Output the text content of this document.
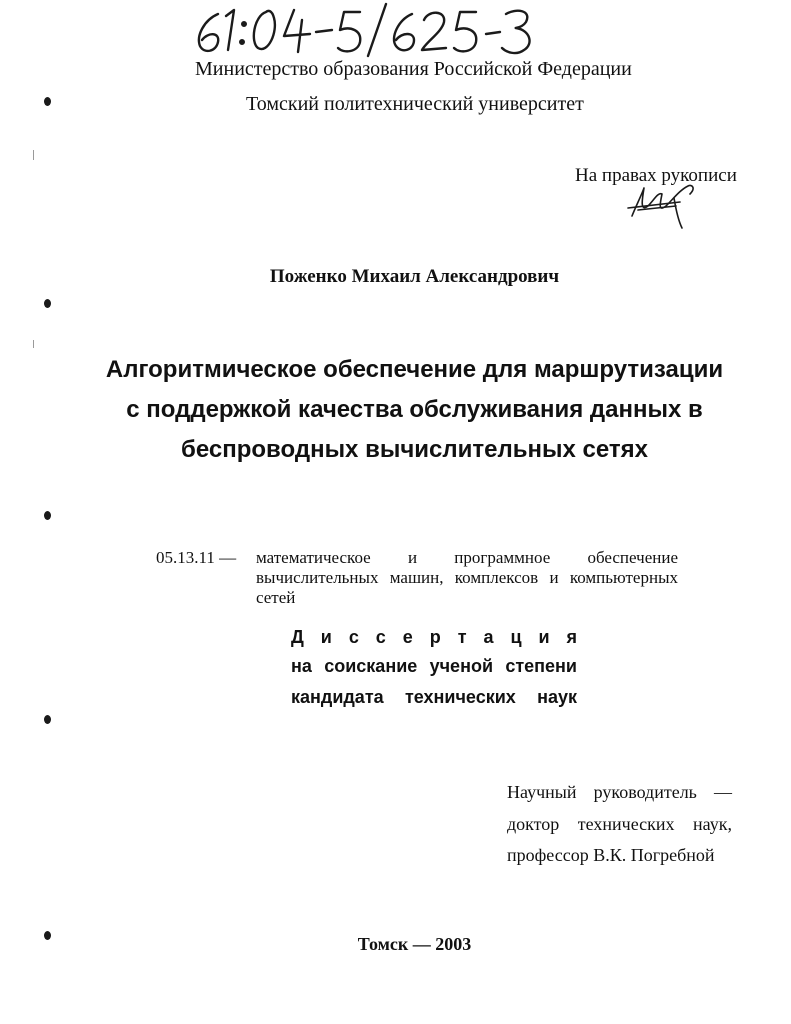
Министерство образования Российской Федерации
Томский политехнический университет
На правах рукописи
Поженко Михаил Александрович
Алгоритмическое обеспечение для маршрутизации
с поддержкой качества обслуживания данных в
беспроводных вычислительных сетях
05.13.11 — математическое и программное обеспечение вычислительных машин, комплексов и компьютерных сетей
Д и с с е р т а ц и я
на соискание ученой степени
кандидата технических наук
Научный руководитель —
доктор технических наук,
профессор В.К. Погребной
Томск — 2003
